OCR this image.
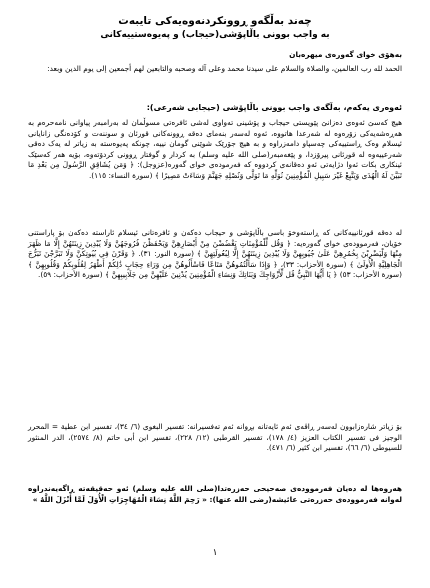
چەند بەڵگەو ڕوونکردنەوەیەکی تایبەت

بە واجب بوونی باڵاپۆشی(حیجاب) و پەیوەستییەکانی

بەهۆی خوای گەورەی میهرەبان

الحمد لله رب العالمین، والصلاة والسلام علی سیدنا محمد وعلی آله وصحبه والتابعین لهم أجمعین إلی یوم الدین وبعد:

ئەوەری یەکەم، بەڵگەی واجب بوونی باڵاپۆشی (حیجابی شەرعی):

هیچ کەسێ ئەوەی دەزانێ پێویستی حیجاب و پۆشینی تەواوی لەشی ئافرەتی مسوڵمان لە بەرامبەر پیاوانی نامەحرەم بە هەڕەشەیەکی زۆرەوە لە شەرعدا هاتووە، ئەوە لەسەر بنەمای دەقە ڕوونەکانی قورئان و سوننەت و کۆدەنگی زانایانی ئیسلام وەک ڕاستییەکی چەسپاو دامەزراوە و بە هیچ جۆرێک شوێنی گومان نییە، چونکە پەیوەستە بە زیاتر لە یەک دەقی شەرعییەوە لە قورئانی پیرۆزدا، و پێغەمبەر(صلی الله علیه وسلم) بە کردار و گوفتار ڕوونی کردۆتەوە، بۆیە هەر کەسێک ئینکاری بکات ئەوا دژایەتی ئەو دەقانەی کردووە کە فەرمودەی خوای گەورە(عزوجل): ﴿ وَمَن يُشَاقِقِ الرَّسُولَ مِن بَعْدِ مَا تَبَيَّنَ لَهُ الْهُدَى وَيَتَّبِعْ غَيْرَ سَبِيلِ الْمُؤْمِنِينَ نُوَلِّهِ مَا تَوَلَّى وَنُصْلِهِ جَهَنَّمَ وَسَاءَتْ مَصِيرًا ﴾ (سورة النساء: ١١٥).

لە دەقە قورئانییەکانی کە ڕاستەوخۆ باسی باڵاپۆشی و حیجاب دەکەن و ئافرەتانی ئیسلام ئاراستە دەکەن بۆ پاراستنی خۆیان، فەرموودەی خوای گەورەیە: ﴿ وَقُل لِّلْمُؤْمِنَاتِ يَغْضُضْنَ مِنْ أَبْصَارِهِنَّ وَيَحْفَظْنَ فُرُوجَهُنَّ وَلَا يُبْدِينَ زِينَتَهُنَّ إِلَّا مَا ظَهَرَ مِنْهَا وَلْيَضْرِبْنَ بِخُمُرِهِنَّ عَلَىٰ جُيُوبِهِنَّ وَلَا يُبْدِينَ زِينَتَهُنَّ إِلَّا لِبُعُولَتِهِنَّ ﴾ (سورة النور: ٣١). ﴿ وَقَرْنَ فِي بُيُوتِكُنَّ وَلَا تَبَرَّجْنَ تَبَرُّجَ الْجَاهِلِيَّةِ الْأُولَىٰ ﴾ (سورة الأحزاب: ٣٣)، ﴿ وَإِذَا سَأَلْتُمُوهُنَّ مَتَاعًا فَاسْأَلُوهُنَّ مِن وَرَاءِ حِجَابٍ ذَٰلِكُمْ أَطْهَرُ لِقُلُوبِكُمْ وَقُلُوبِهِنَّ ﴾ (سورة الأحزاب: ٥٣) ﴿ يَا أَيُّهَا النَّبِيُّ قُل لِّأَزْوَاجِكَ وَبَنَاتِكَ وَنِسَاءِ الْمُؤْمِنِينَ يُدْنِينَ عَلَيْهِنَّ مِن جَلَابِيبِهِنَّ ﴾ (سورة الأحزاب: ٥٩).

بۆ زیاتر شارەزابوون لەسەر ڕاڤەی ئەم ئایەتانە بڕوانە ئەم تەفسیرانە: تفسیر البغوی (٦/ ٣٤)، تفسیر ابن عطیة = المحرر الوجیز فی تفسیر الکتاب العزیز (٤/ ١٧٨)، تفسیر القرطبی (١٢/ ٢٢٨)، تفسیر ابن أبی حاتم (٨/ ٢٥٧٤)، الدر المنثور للسیوطی (٦/ ٦٦)، تفسیر ابن کثیر (٦/ ٤٧١).

هەروەها لە دەیان فەرموودەی صەحیحی حەزرەتدا(صلی الله علیه وسلم) ئەو حەقیقەتە ڕاگەیەندراوە لەوانە فەرموودەی حەزرەتی عائیشە(رضی الله عنها): « رَحِمَ اللَّهُ نِسَاءَ الْمُهَاجِرَاتِ الْأُوَلَ لَمَّا أَنْزَلَ اللَّهُ »

١
